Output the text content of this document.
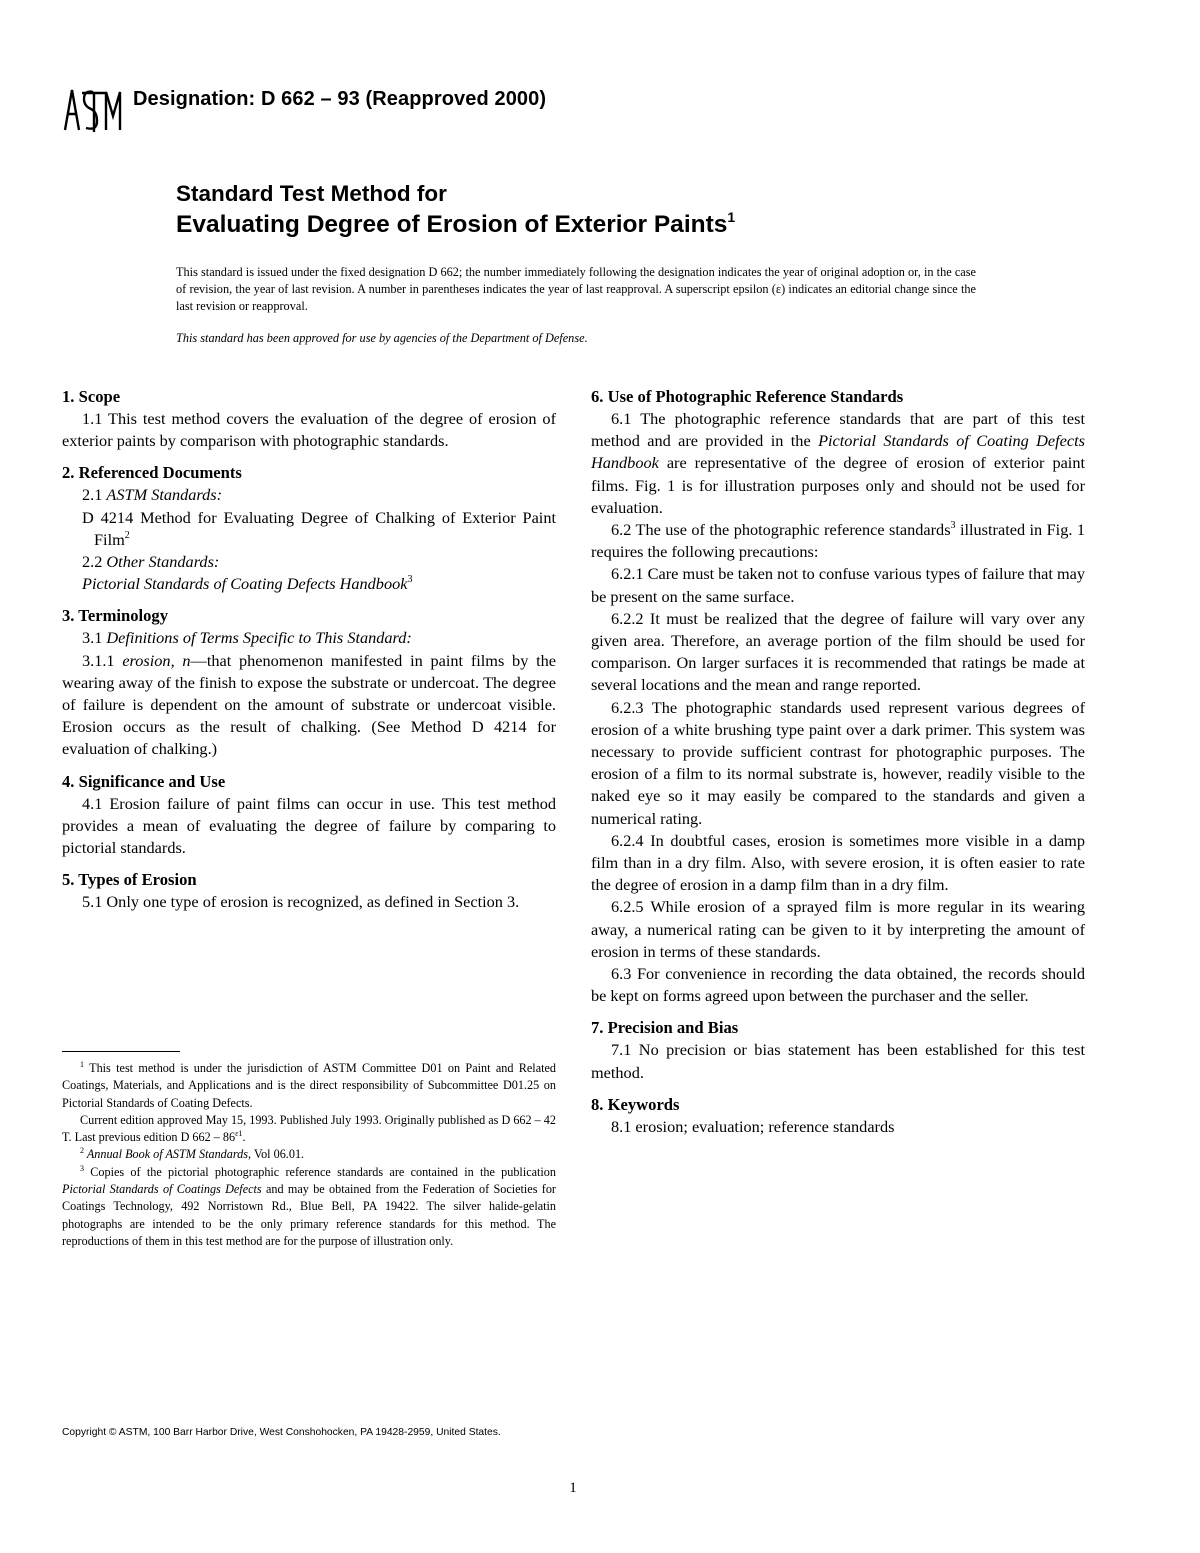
ASTM
Designation: D 662 – 93 (Reapproved 2000)
Standard Test Method for
Evaluating Degree of Erosion of Exterior Paints$^1$
This standard is issued under the fixed designation D 662; the number immediately following the designation indicates the year of original adoption or, in the case of revision, the year of last revision. A number in parentheses indicates the year of last reapproval. A superscript epsilon (ε) indicates an editorial change since the last revision or reapproval.
This standard has been approved for use by agencies of the Department of Defense.
1. Scope

1.1 This test method covers the evaluation of the degree of erosion of exterior paints by comparison with photographic standards.

2. Referenced Documents

2.1 ASTM Standards:

D 4214 Method for Evaluating Degree of Chalking of Exterior Paint Film$^2$

2.2 Other Standards:

Pictorial Standards of Coating Defects Handbook$^3$

3. Terminology

3.1 Definitions of Terms Specific to This Standard:

3.1.1 erosion, n—that phenomenon manifested in paint films by the wearing away of the finish to expose the substrate or undercoat. The degree of failure is dependent on the amount of substrate or undercoat visible. Erosion occurs as the result of chalking. (See Method D 4214 for evaluation of chalking.)

4. Significance and Use

4.1 Erosion failure of paint films can occur in use. This test method provides a mean of evaluating the degree of failure by comparing to pictorial standards.

5. Types of Erosion

5.1 Only one type of erosion is recognized, as defined in Section 3.

6. Use of Photographic Reference Standards

6.1 The photographic reference standards that are part of this test method and are provided in the Pictorial Standards of Coating Defects Handbook are representative of the degree of erosion of exterior paint films. Fig. 1 is for illustration purposes only and should not be used for evaluation.

6.2 The use of the photographic reference standards$^3$ illustrated in Fig. 1 requires the following precautions:

6.2.1 Care must be taken not to confuse various types of failure that may be present on the same surface.

6.2.2 It must be realized that the degree of failure will vary over any given area. Therefore, an average portion of the film should be used for comparison. On larger surfaces it is recommended that ratings be made at several locations and the mean and range reported.

6.2.3 The photographic standards used represent various degrees of erosion of a white brushing type paint over a dark primer. This system was necessary to provide sufficient contrast for photographic purposes. The erosion of a film to its normal substrate is, however, readily visible to the naked eye so it may easily be compared to the standards and given a numerical rating.

6.2.4 In doubtful cases, erosion is sometimes more visible in a damp film than in a dry film. Also, with severe erosion, it is often easier to rate the degree of erosion in a damp film than in a dry film.

6.2.5 While erosion of a sprayed film is more regular in its wearing away, a numerical rating can be given to it by interpreting the amount of erosion in terms of these standards.

6.3 For convenience in recording the data obtained, the records should be kept on forms agreed upon between the purchaser and the seller.

7. Precision and Bias

7.1 No precision or bias statement has been established for this test method.

8. Keywords

8.1 erosion; evaluation; reference standards

$^1$ This test method is under the jurisdiction of ASTM Committee D01 on Paint and Related Coatings, Materials, and Applications and is the direct responsibility of Subcommittee D01.25 on Pictorial Standards of Coating Defects.

Current edition approved May 15, 1993. Published July 1993. Originally published as D 662 – 42 T. Last previous edition D $662 - 86^{\varepsilon 1}$.

$^2$ Annual Book of ASTM Standards, Vol 06.01.

$^3$ Copies of the pictorial photographic reference standards are contained in the publication Pictorial Standards of Coatings Defects and may be obtained from the Federation of Societies for Coatings Technology, 492 Norristown Rd., Blue Bell, PA 19422. The silver halide-gelatin photographs are intended to be the only primary reference standards for this method. The reproductions of them in this test method are for the purpose of illustration only.

Copyright © ASTM, 100 Barr Harbor Drive, West Conshohocken, PA 19428-2959, United States.
1
